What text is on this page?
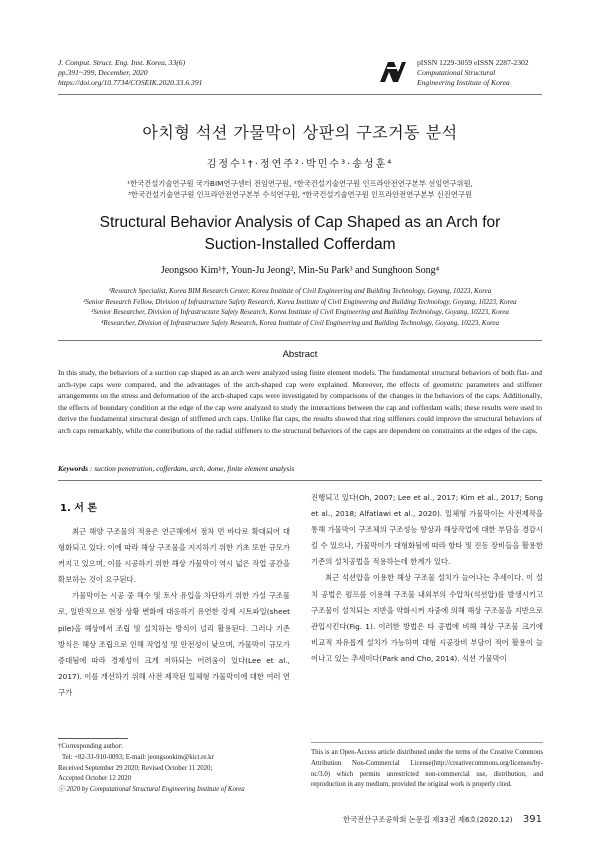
J. Comput. Struct. Eng. Inst. Korea, 33(6)
pp.391~399, December, 2020
https://doi.org/10.7734/COSEIK.2020.33.6.391
pISSN 1229-3059 eISSN 2287-2302
Computational Structural
Engineering Institute of Korea
아치형 석션 가물막이 상판의 구조거동 분석
김정수¹†·정연주²·박민수³·송성훈⁴
¹한국건설기술연구원 국가BIM연구센터 전임연구원, ²한국건설기술연구원 인프라안전연구본부 선임연구위원,
³한국건설기술연구원 인프라안전연구본부 수석연구원, ⁴한국건설기술연구원 인프라안전연구본부 신진연구원
Structural Behavior Analysis of Cap Shaped as an Arch for
Suction-Installed Cofferdam
Jeongsoo Kim¹†, Youn-Ju Jeong², Min-Su Park³ and Sunghoon Song⁴
¹Research Specialist, Korea BIM Research Center, Korea Institute of Civil Engineering and Building Technology, Goyang, 10223, Korea
²Senior Research Fellow, Division of Infrastructure Safety Research, Korea Institute of Civil Engineering and Building Technology, Goyang, 10223, Korea
³Senior Researcher, Division of Infrastructure Safety Research, Korea Institute of Civil Engineering and Building Technology, Goyang, 10223, Korea
⁴Researcher, Division of Infrastructure Safety Research, Korea Institute of Civil Engineering and Building Technology, Goyang, 10223, Korea
Abstract
In this study, the behaviors of a suction cap shaped as an arch were analyzed using finite element models. The fundamental structural behaviors of both flat- and arch-type caps were compared, and the advantages of the arch-shaped cap were explained. Moreover, the effects of geometric parameters and stiffener arrangements on the stress and deformation of the arch-shaped caps were investigated by comparisons of the changes in the behaviors of the caps. Additionally, the effects of boundary condition at the edge of the cap were analyzed to study the interactions between the cap and cofferdam walls; these results were used to derive the fundamental structural design of stiffened arch caps. Unlike flat caps, the results showed that ring stiffeners could improve the structural behaviors of arch caps remarkably, while the contributions of the radial stiffeners to the structural behaviors of the caps are dependent on constraints at the edges of the caps.
Keywords : suction penetration, cofferdam, arch, dome, finite element analysis
1. 서 론

최근 해양 구조물의 적용은 연근해에서 점차 먼 바다로 확대되어 대형화되고 있다. 이에 따라 해상 구조물을 지지하기 위한 기초 또한 규모가 커지고 있으며, 이를 시공하기 위한 해상 가물막이 역시 넓은 작업 공간을 확보하는 것이 요구된다.

가물막이는 시공 중 해수 및 토사 유입을 차단하기 위한 가설 구조물로, 일반적으로 현장 상황 변화에 대응하기 유연한 강제 시트파일(sheet pile)을 해상에서 조립 및 설치하는 방식이 널리 활용된다. 그러나 기존 방식은 해상 조립으로 인해 작업성 및 안전성이 낮으며, 가물막이 규모가 증대됨에 따라 경제성이 크게 저하되는 어려움이 있다(Lee et al., 2017). 이를 개선하기 위해 사전 제작된 일체형 가물막이에 대한 여러 연구가

진행되고 있다(Oh, 2007; Lee et al., 2017; Kim et al., 2017; Song et al., 2018; Alfatlawi et al., 2020). 일체형 가물막이는 사전제작을 통해 가물막이 구조체의 구조성능 향상과 해상작업에 대한 부담을 경감시킬 수 있으나, 가물막이가 대형화됨에 따라 항타 및 진동 장비들을 활용한 기존의 설치공법을 적용하는데 한계가 있다.

최근 석션압을 이용한 해상 구조물 설치가 늘어나는 추세이다. 이 설치 공법은 펌프를 이용해 구조물 내외부의 수압차(석션압)를 발생시키고 구조물이 설치되는 지반을 약화시켜 자중에 의해 해상 구조물을 지반으로 관입시킨다(Fig. 1). 이러한 방법은 타 공법에 비해 해상 구조물 크기에 비교적 자유롭게 설치가 가능하며 대형 시공장비 부담이 적어 활용이 늘어나고 있는 추세이다(Park and Cho, 2014). 석션 가물막이

†Corresponding author:
Tel: +82-31-910-0093; E-mail: jeongsookim@kict.re.kr
Received September 29 2020; Revised October 11 2020;
Accepted October 12 2020
ⓒ 2020 by Computational Structural Engineering Institute of Korea
This is an Open-Access article distributed under the terms of the Creative Commons Attribution Non-Commercial License(http://creativecommons.org/licenses/by-nc/3.0) which permits unrestricted non-commercial use, distribution, and reproduction in any medium, provided the original work is properly cited.
한국전산구조공학회 논문집 제33권 제6호(2020.12) 391
